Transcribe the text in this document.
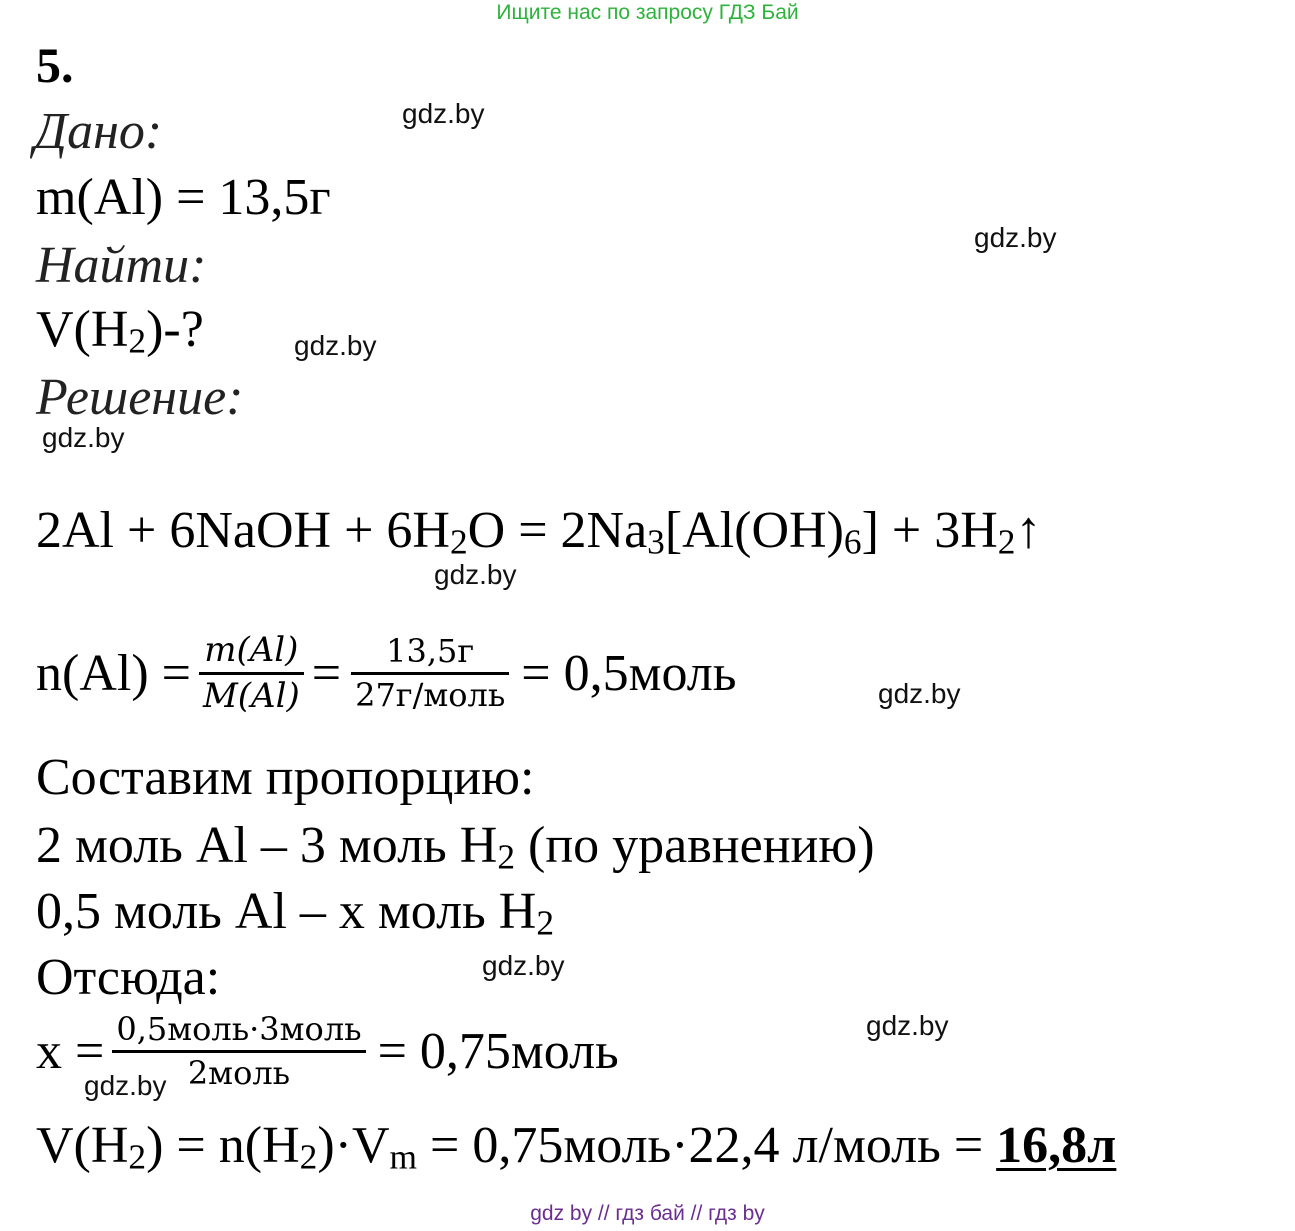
Ищите нас по запросу ГДЗ Бай
5.
Дано:
m(Al) = 13,5г
Найти:
$V(H_2)-$?
Решение:
2Al + 6NaOH + $6H_2O = 2Na_3[Al(OH)_6]$ + $3H_2↑$
$n(Al) = \frac{m(Al)}{M(Al)} = \frac{13,5г}{\text{27г/моль}}$ = 0,5моль
Составим пропорцию:
2 моль Al – 3 моль $H_2$ (по уравнению)
0,5 моль Al – x моль $H_2$
Отсюда:
$x = \frac{\text{0,5моль·3моль}}{\text{2моль}}$ = 0,75моль
$V(H_2) = n(H_2)\cdot V_m$ = 0,75моль·22,4 л/моль = 16,8л
gdz.by
gdz.by
gdz.by
gdz.by
gdz.by
gdz.by
gdz.by
gdz.by
gdz.by
gdz by // гдз бай // гдз by
